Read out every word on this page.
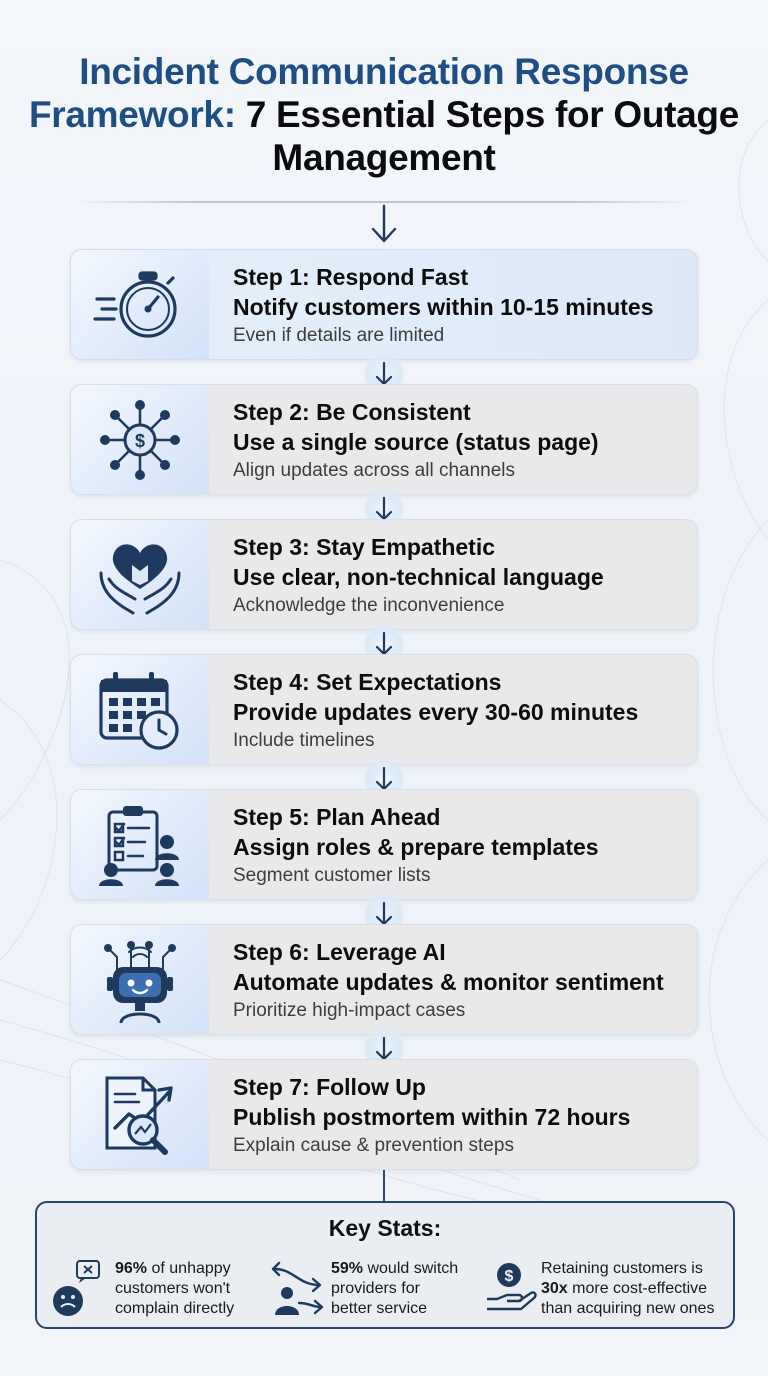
Incident Communication Response Framework: 7 Essential Steps for Outage Management
Step 1: Respond Fast
Notify customers within 10-15 minutes
Even if details are limited
$
Step 2: Be Consistent
Use a single source (status page)
Align updates across all channels
Step 3: Stay Empathetic
Use clear, non-technical language
Acknowledge the inconvenience
Step 4: Set Expectations
Provide updates every 30-60 minutes
Include timelines
Step 5: Plan Ahead
Assign roles & prepare templates
Segment customer lists
Step 6: Leverage AI
Automate updates & monitor sentiment
Prioritize high-impact cases
Step 7: Follow Up
Publish postmortem within 72 hours
Explain cause & prevention steps
Key Stats:
96% of unhappy
customers won't
complain directly
59% would switch
providers for
better service
$ Retaining customers is
30x more cost-effective
than acquiring new ones
